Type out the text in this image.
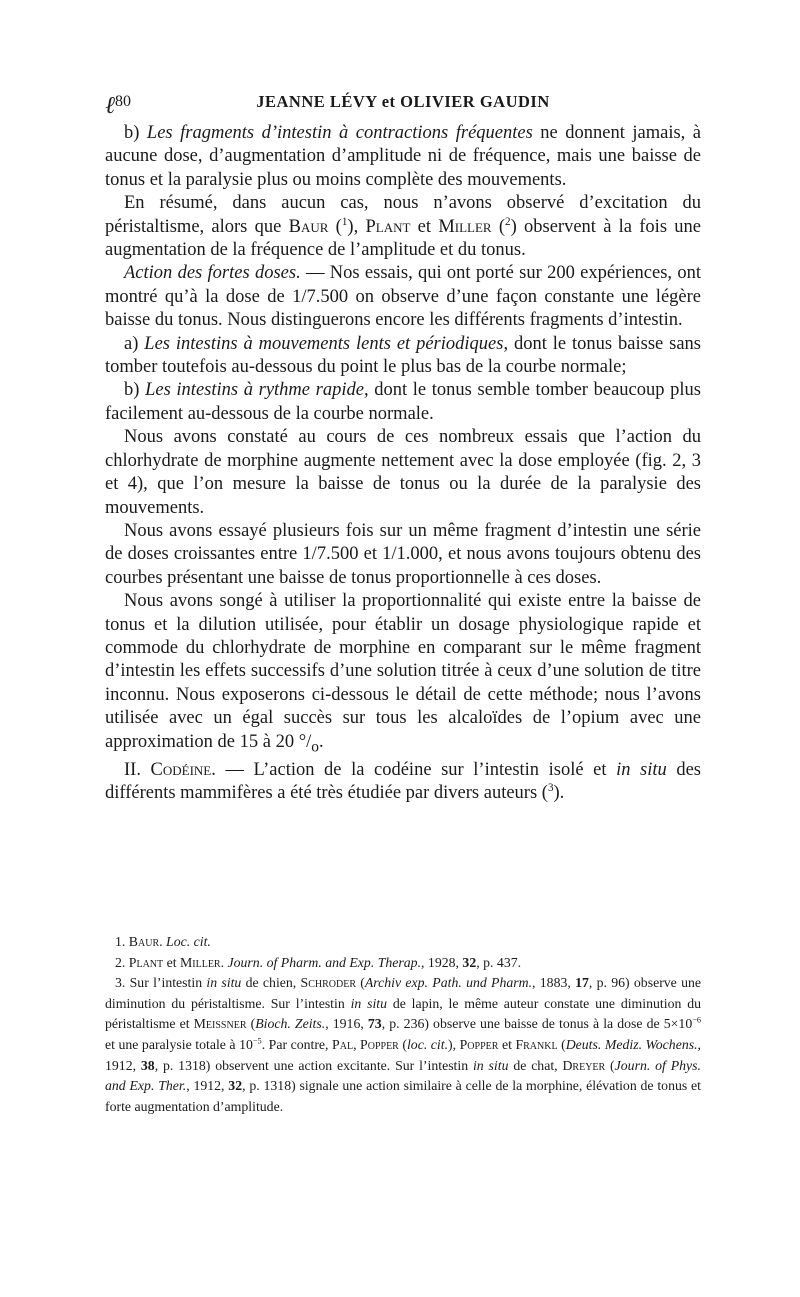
ℓ 80	JEANNE LÉVY et OLIVIER GAUDIN

b) Les fragments d’intestin à contractions fréquentes ne donnent jamais, à aucune dose, d’augmentation d’amplitude ni de fréquence, mais une baisse de tonus et la paralysie plus ou moins complète des mouvements.

En résumé, dans aucun cas, nous n’avons observé d’excitation du péristaltisme, alors que Baur ($^1$), Plant et Miller ($^2$) observent à la fois une augmentation de la fréquence de l’amplitude et du tonus.

Action des fortes doses. — Nos essais, qui ont porté sur 200 expériences, ont montré qu’à la dose de 1/7.500 on observe d’une façon constante une légère baisse du tonus. Nous distinguerons encore les différents fragments d’intestin.

a) Les intestins à mouvements lents et périodiques, dont le tonus baisse sans tomber toutefois au-dessous du point le plus bas de la courbe normale;

b) Les intestins à rythme rapide, dont le tonus semble tomber beaucoup plus facilement au-dessous de la courbe normale.

Nous avons constaté au cours de ces nombreux essais que l’action du chlorhydrate de morphine augmente nettement avec la dose employée (fig. 2, 3 et 4), que l’on mesure la baisse de tonus ou la durée de la paralysie des mouvements.

Nous avons essayé plusieurs fois sur un même fragment d’intestin une série de doses croissantes entre 1/7.500 et 1/1.000, et nous avons toujours obtenu des courbes présentant une baisse de tonus proportionnelle à ces doses.

Nous avons songé à utiliser la proportionnalité qui existe entre la baisse de tonus et la dilution utilisée, pour établir un dosage physiologique rapide et commode du chlorhydrate de morphine en comparant sur le même fragment d’intestin les effets successifs d’une solution titrée à ceux d’une solution de titre inconnu. Nous exposerons ci-dessous le détail de cette méthode; nous l’avons utilisée avec un égal succès sur tous les alcaloïdes de l’opium avec une approximation de 15 à 20 $^\circ/_o$.

II. Codéine. — L’action de la codéine sur l’intestin isolé et in situ des différents mammifères a été très étudiée par divers auteurs ($^3$).

1. Baur. Loc. cit.

2. Plant et Miller. Journ. of Pharm. and Exp. Therap., 1928, 32, p. 437.

3. Sur l’intestin in situ de chien, Schroder (Archiv exp. Path. und Pharm., 1883, 17, p. 96) observe une diminution du péristaltisme. Sur l’intestin in situ de lapin, le même auteur constate une diminution du péristaltisme et Meissner (Bioch. Zeits., 1916, 73, p. 236) observe une baisse de tonus à la dose de $5\times 10^{-6}$ et une paralysie totale à $10^{-5}$. Par contre, Pal, Popper (loc. cit.), Popper et Frankl (Deuts. Mediz. Wochens., 1912, 38, p. 1318) observent une action excitante. Sur l’intestin in situ de chat, Dreyer (Journ. of Phys. and Exp. Ther., 1912, 32, p. 1318) signale une action similaire à celle de la morphine, élévation de tonus et forte augmentation d’amplitude.
